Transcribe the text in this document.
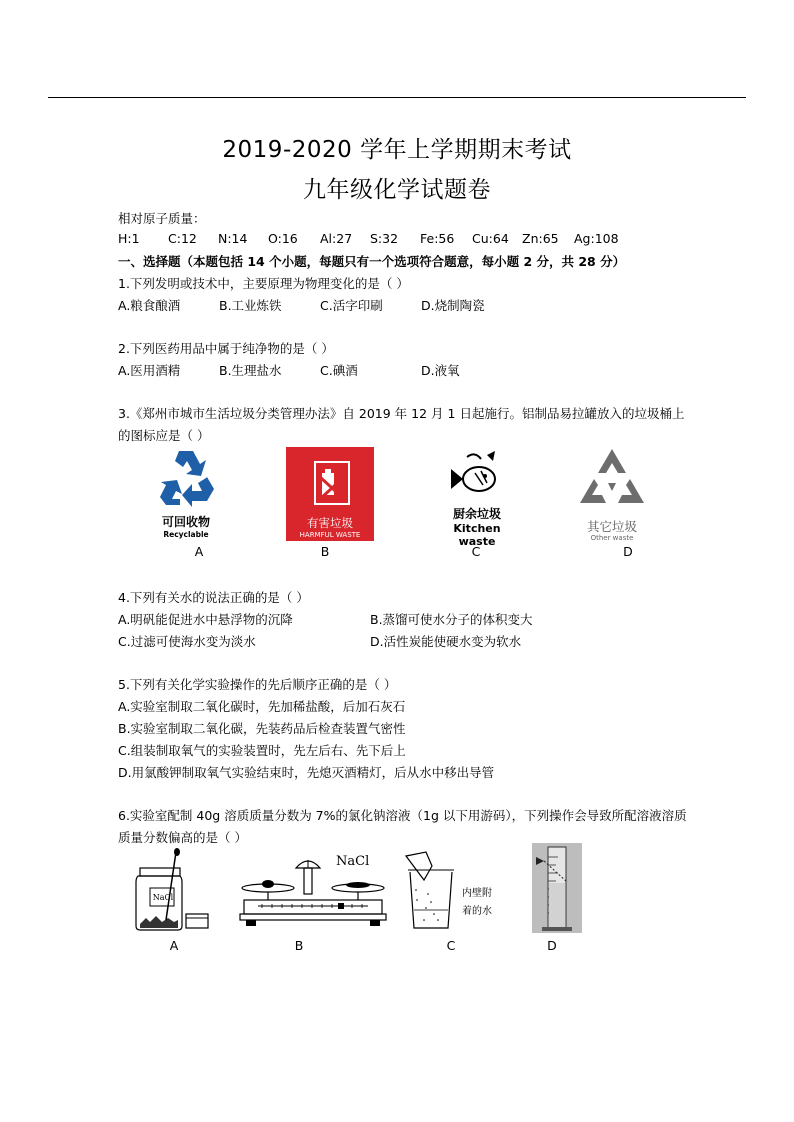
2019-2020 学年上学期期末考试
九年级化学试题卷
相对原子质量：
H:1 C:12 N:14 O:16 Al:27 S:32 Fe:56 Cu:64 Zn:65 Ag:108
一、选择题（本题包括 14 个小题，每题只有一个选项符合题意，每小题 2 分，共 28 分）
1.下列发明或技术中，主要原理为物理变化的是（ ）
A.粮食酿酒	B.工业炼铁	C.活字印刷	D.烧制陶瓷
2.下列医药用品中属于纯净物的是（ ）
A.医用酒精	B.生理盐水	C.碘酒	D.液氧
3.《郑州市城市生活垃圾分类管理办法》自 2019 年 12 月 1 日起施行。铝制品易拉罐放入的垃圾桶上
的图标应是（ ）
可回收物
Recyclable
有害垃圾
HARMFUL WASTE
厨余垃圾
Kitchen waste
其它垃圾
Other waste
A	B	C	D
4.下列有关水的说法正确的是（ ）
A.明矾能促进水中悬浮物的沉降	B.蒸馏可使水分子的体积变大
C.过滤可使海水变为淡水	D.活性炭能使硬水变为软水
5.下列有关化学实验操作的先后顺序正确的是（ ）
A.实验室制取二氧化碳时，先加稀盐酸，后加石灰石
B.实验室制取二氧化碳，先装药品后检查装置气密性
C.组装制取氧气的实验装置时，先左后右、先下后上
D.用氯酸钾制取氧气实验结束时，先熄灭酒精灯，后从水中移出导管
6.实验室配制 40g 溶质质量分数为 7%的氯化钠溶液（1g 以下用游码），下列操作会导致所配溶液溶质
质量分数偏高的是（ ）
NaCl
NaCl
内壁附
着的水
A	B	C	D
